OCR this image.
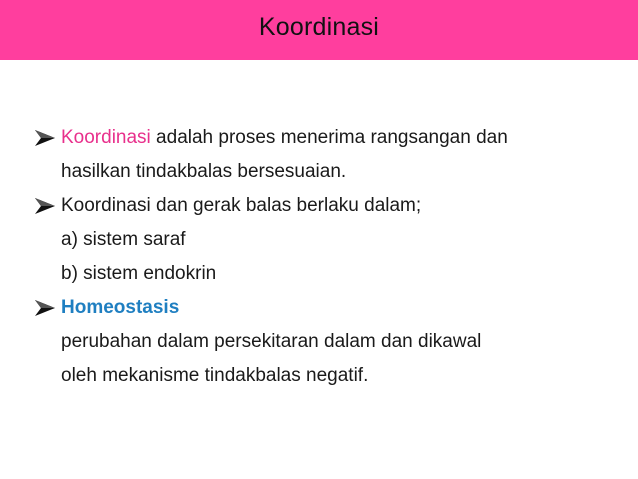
Koordinasi
Koordinasi adalah proses menerima rangsangan dan
hasilkan tindakbalas bersesuaian.
Koordinasi dan gerak balas berlaku dalam;
a) sistem saraf
b) sistem endokrin
Homeostasis
perubahan dalam persekitaran dalam dan dikawal
oleh mekanisme tindakbalas negatif.
